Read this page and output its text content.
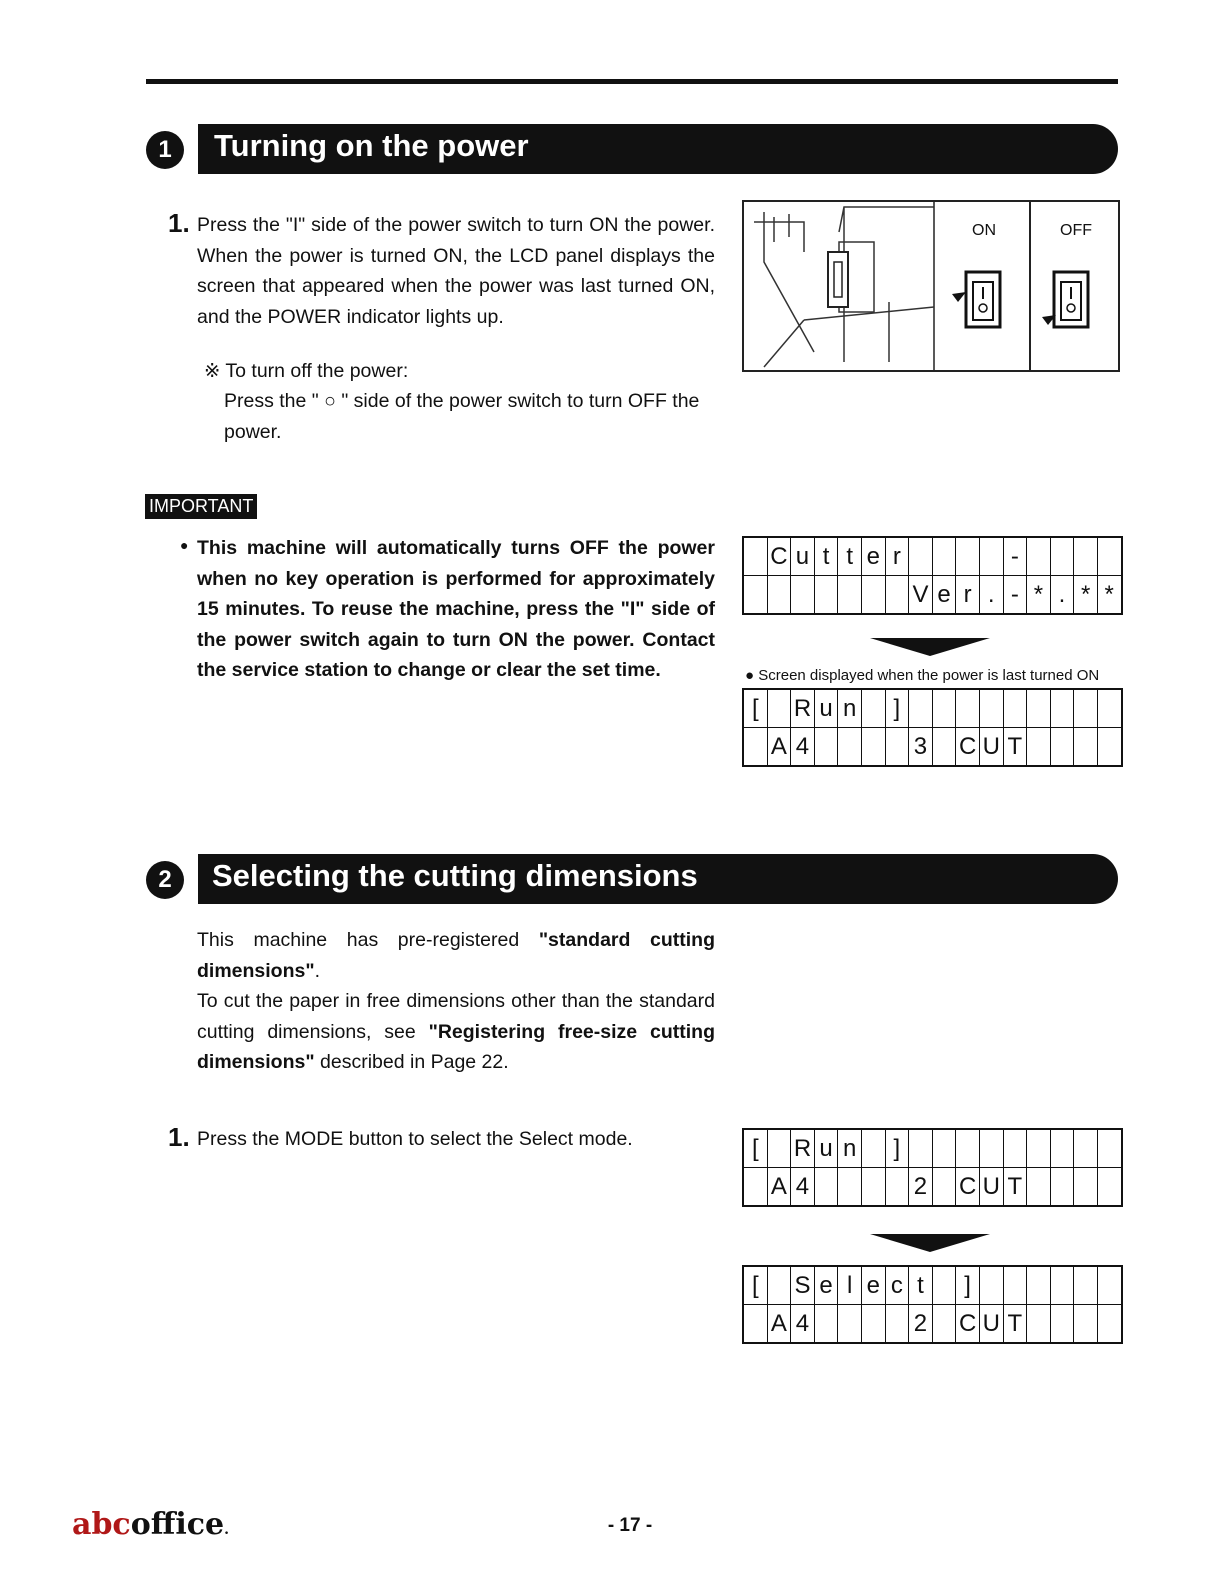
1	Turning on the power
1. Press the "I" side of the power switch to turn ON the power. When the power is turned ON, the LCD panel displays the screen that appeared when the power was last turned ON, and the POWER indicator lights up.
※ To turn off the power:
Press the " ○ " side of the power switch to turn OFF the power.
ON	OFF
IMPORTANT
● This machine will automatically turns OFF the power when no key operation is performed for approximately 15 minutes. To reuse the machine, press the "I" side of the power switch again to turn ON the power. Contact the service station to change or clear the set time.
	C	u	t	t	e	r					-				
							V	e	r	.	-	*	.	*	*
● Screen displayed when the power is last turned ON
[		R	u	n		]									
	A	4					3		C	U	T				
2	Selecting the cutting dimensions
This machine has pre-registered "standard cutting dimensions".
To cut the paper in free dimensions other than the standard cutting dimensions, see "Registering free-size cutting dimensions" described in Page 22.
1. Press the MODE button to select the Select mode.	[		R	u	n		]									
	A	4					2		C	U	T				
[		S	e	l	e	c	t		]						
	A	4					2		C	U	T				
abcoffice.	- 17 -
